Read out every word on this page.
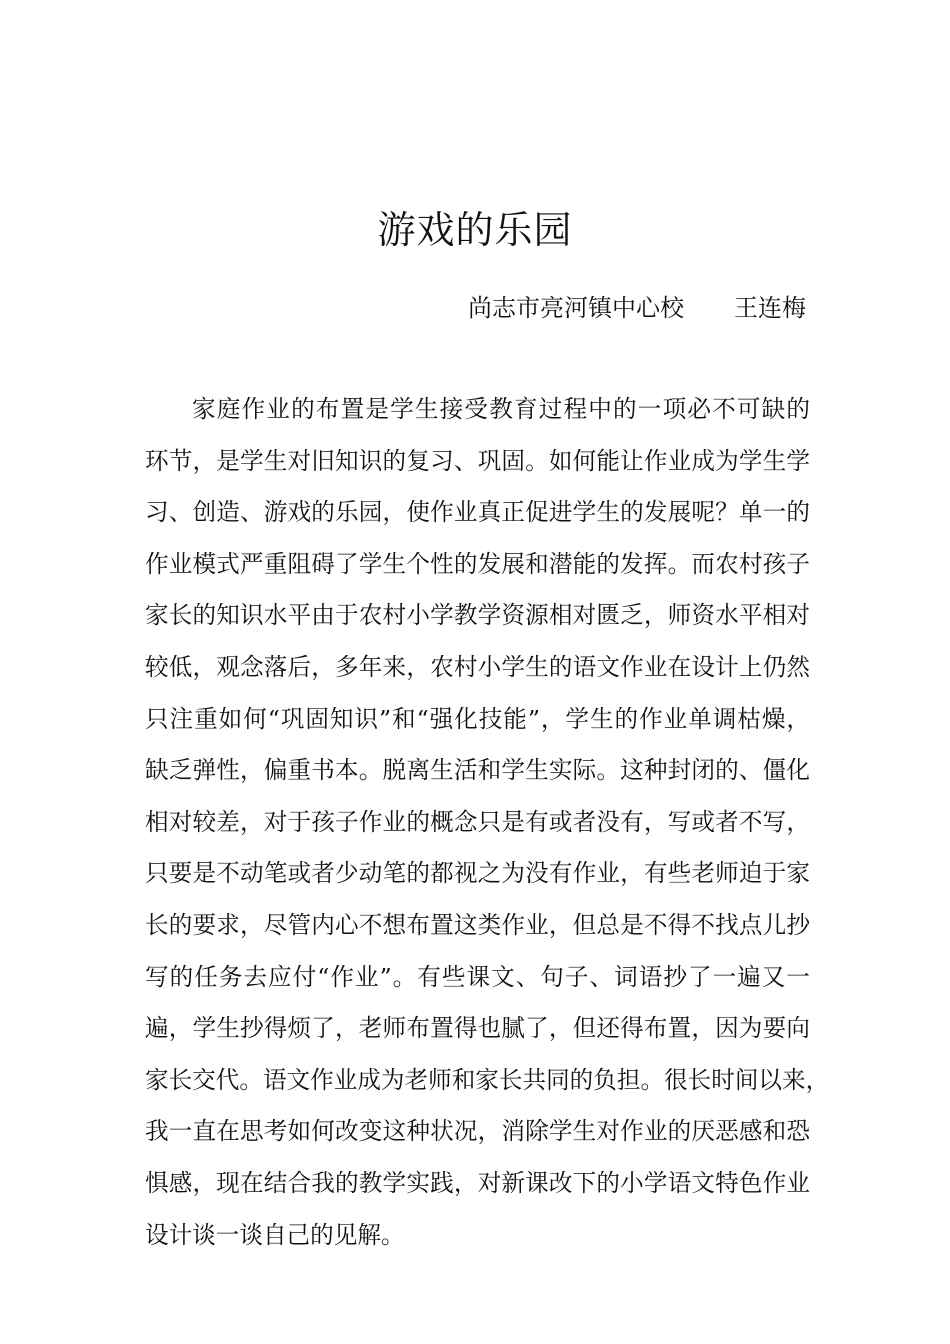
游戏的乐园
尚志市亮河镇中心校 王连梅
家庭作业的布置是学生接受教育过程中的一项必不可缺的
环节，是学生对旧知识的复习、巩固。如何能让作业成为学生学
习、创造、游戏的乐园，使作业真正促进学生的发展呢？单一的
作业模式严重阻碍了学生个性的发展和潜能的发挥。而农村孩子
家长的知识水平由于农村小学教学资源相对匮乏，师资水平相对
较低，观念落后，多年来，农村小学生的语文作业在设计上仍然
只注重如何“巩固知识”和“强化技能”，学生的作业单调枯燥，
缺乏弹性，偏重书本。脱离生活和学生实际。这种封闭的、僵化
相对较差，对于孩子作业的概念只是有或者没有，写或者不写，
只要是不动笔或者少动笔的都视之为没有作业，有些老师迫于家
长的要求，尽管内心不想布置这类作业，但总是不得不找点儿抄
写的任务去应付“作业”。有些课文、句子、词语抄了一遍又一
遍，学生抄得烦了，老师布置得也腻了，但还得布置，因为要向
家长交代。语文作业成为老师和家长共同的负担。很长时间以来，
我一直在思考如何改变这种状况，消除学生对作业的厌恶感和恐
惧感，现在结合我的教学实践，对新课改下的小学语文特色作业
设计谈一谈自己的见解。
